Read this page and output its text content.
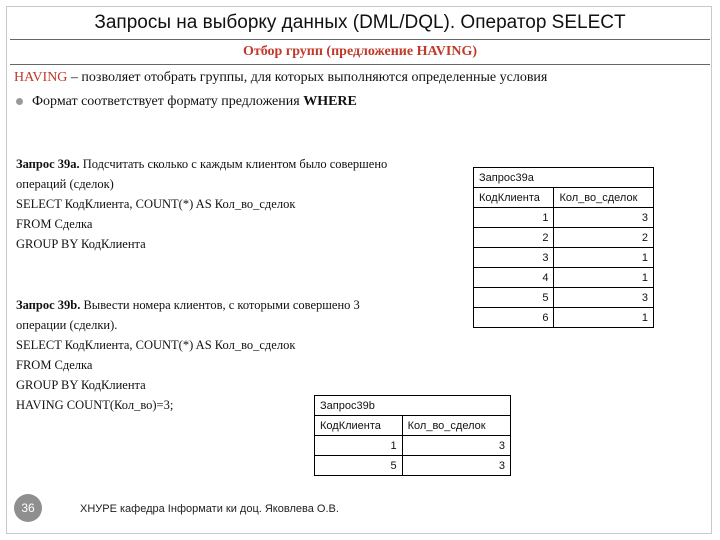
Запросы на выборку данных (DML/DQL). Оператор SELECT
Отбор групп (предложение HAVING)
HAVING – позволяет отобрать группы, для которых выполняются определенные условия
Формат соответствует формату предложения WHERE
Запрос 39а. Подсчитать сколько с каждым клиентом было совершено
операций (сделок)
SELECT КодКлиента, COUNT(*) AS Кол_во_сделок
FROM Сделка
GROUP BY КодКлиента
Запрос 39b. Вывести номера клиентов, с которыми совершено 3
операции (сделки).
SELECT КодКлиента, COUNT(*) AS Кол_во_сделок
FROM Сделка
GROUP BY КодКлиента
HAVING COUNT(Кол_во)=3;
Запрос39а	
КодКлиента	Кол_во_сделок
1	3
2	2
3	1
4	1
5	3
6	1
Запрос39b	
КодКлиента	Кол_во_сделок
1	3
5	3
36	ХНУРЕ кафедра Інформати ки доц. Яковлева О.В.
